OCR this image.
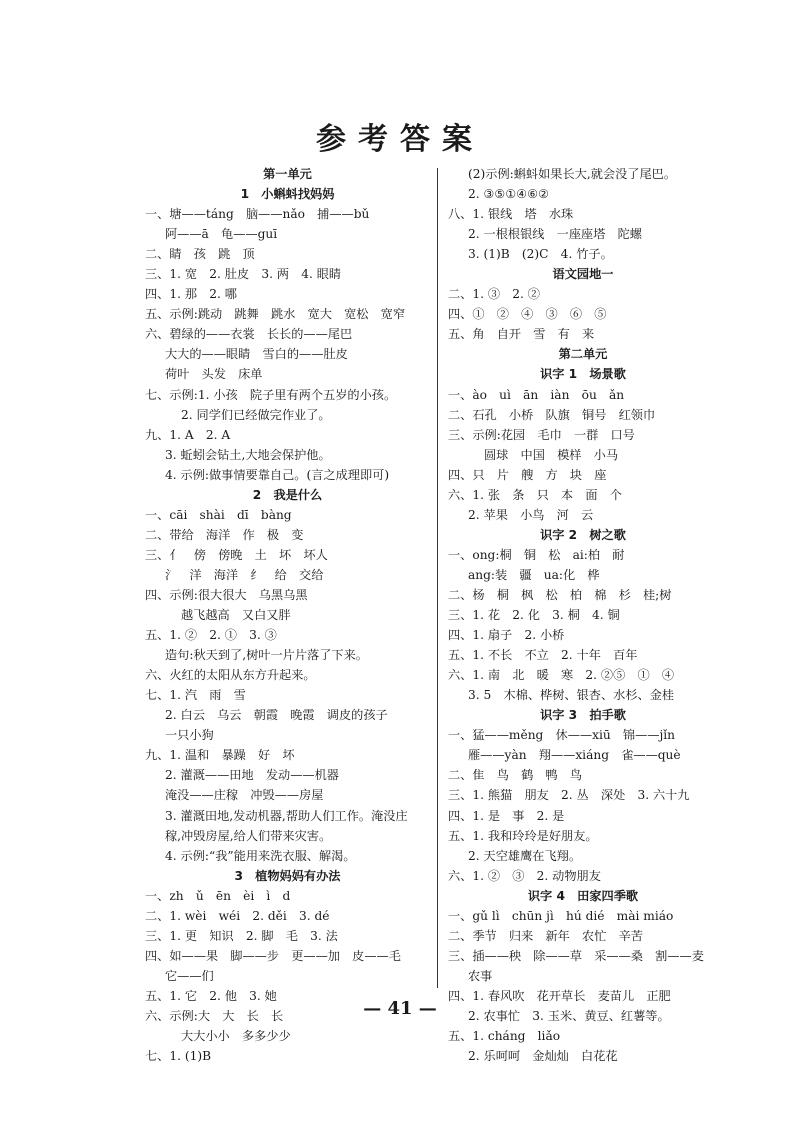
参考答案
第一单元
1　小蝌蚪找妈妈
一、塘——táng　脑——nǎo　捕——bǔ
阿——ā　龟——guī
二、睛　孩　跳　顶
三、1. 宽　2. 肚皮　3. 两　4. 眼睛
四、1. 那　2. 哪
五、示例:跳动　跳舞　跳水　宽大　宽松　宽窄
六、碧绿的——衣裳　长长的——尾巴
大大的——眼睛　雪白的——肚皮
荷叶　头发　床单
七、示例:1. 小孩　院子里有两个五岁的小孩。
2. 同学们已经做完作业了。
九、1. A　2. A
3. 蚯蚓会钻土,大地会保护他。
4. 示例:做事情要靠自己。(言之成理即可)
2　我是什么
一、cāi　shài　dī　bàng
二、带给　海洋　作　极　变
三、亻　傍　傍晚　土　坏　坏人
氵　洋　海洋　纟　给　交给
四、示例:很大很大　乌黑乌黑
越飞越高　又白又胖
五、1. ②　2. ①　3. ③
造句:秋天到了,树叶一片片落了下来。
六、火红的太阳从东方升起来。
七、1. 汽　雨　雪
2. 白云　乌云　朝霞　晚霞　调皮的孩子
一只小狗
九、1. 温和　暴躁　好　坏
2. 灌溉——田地　发动——机器
淹没——庄稼　冲毁——房屋
3. 灌溉田地,发动机器,帮助人们工作。淹没庄
稼,冲毁房屋,给人们带来灾害。
4. 示例:“我”能用来洗衣服、解渴。
3　植物妈妈有办法
一、zh　ǔ　ēn　èi　ì　d
二、1. wèi　wéi　2. děi　3. dé
三、1. 更　知识　2. 脚　毛　3. 法
四、如——果　脚——步　更——加　皮——毛
它——们
五、1. 它　2. 他　3. 她
六、示例:大　大　长　长
大大小小　多多少少
七、1. (1)B
(2)示例:蝌蚪如果长大,就会没了尾巴。
2. ③⑤①④⑥②
八、1. 银线　塔　水珠
2. 一根根银线　一座座塔　陀螺
3. (1)B　(2)C　4. 竹子。
语文园地一
二、1. ③　2. ②
四、①　②　④　③　⑥　⑤
五、角　自开　雪　有　来
第二单元
识字 1　场景歌
一、ào　uì　ān　iàn　ōu　ǎn
二、石孔　小桥　队旗　铜号　红领巾
三、示例:花园　毛巾　一群　口号
圆球　中国　模样　小马
四、只　片　艘　方　块　座
六、1. 张　条　只　本　面　个
2. 苹果　小鸟　河　云
识字 2　树之歌
一、ong:桐　铜　松　ai:柏　耐
ang:装　疆　ua:化　桦
二、杨　桐　枫　松　柏　棉　杉　桂;树
三、1. 花　2. 化　3. 桐　4. 铜
四、1. 扇子　2. 小桥
五、1. 不长　不立　2. 十年　百年
六、1. 南　北　暖　寒　2. ②⑤　①　④
3. 5　木棉、桦树、银杏、水杉、金桂
识字 3　拍手歌
一、猛——měng　休——xiū　锦——jǐn
雁——yàn　翔——xiáng　雀——què
二、隹　鸟　鹤　鸭　鸟
三、1. 熊猫　朋友　2. 丛　深处　3. 六十九
四、1. 是　事　2. 是
五、1. 我和玲玲是好朋友。
2. 天空雄鹰在飞翔。
六、1. ②　③　2. 动物朋友
识字 4　田家四季歌
一、gǔ lì　chūn jì　hú dié　mài miáo
二、季节　归来　新年　农忙　辛苦
三、插——秧　除——草　采——桑　割——麦
农事
四、1. 春风吹　花开草长　麦苗儿　正肥
2. 农事忙　3. 玉米、黄豆、红薯等。
五、1. cháng　liǎo
2. 乐呵呵　金灿灿　白花花
— 41 —
